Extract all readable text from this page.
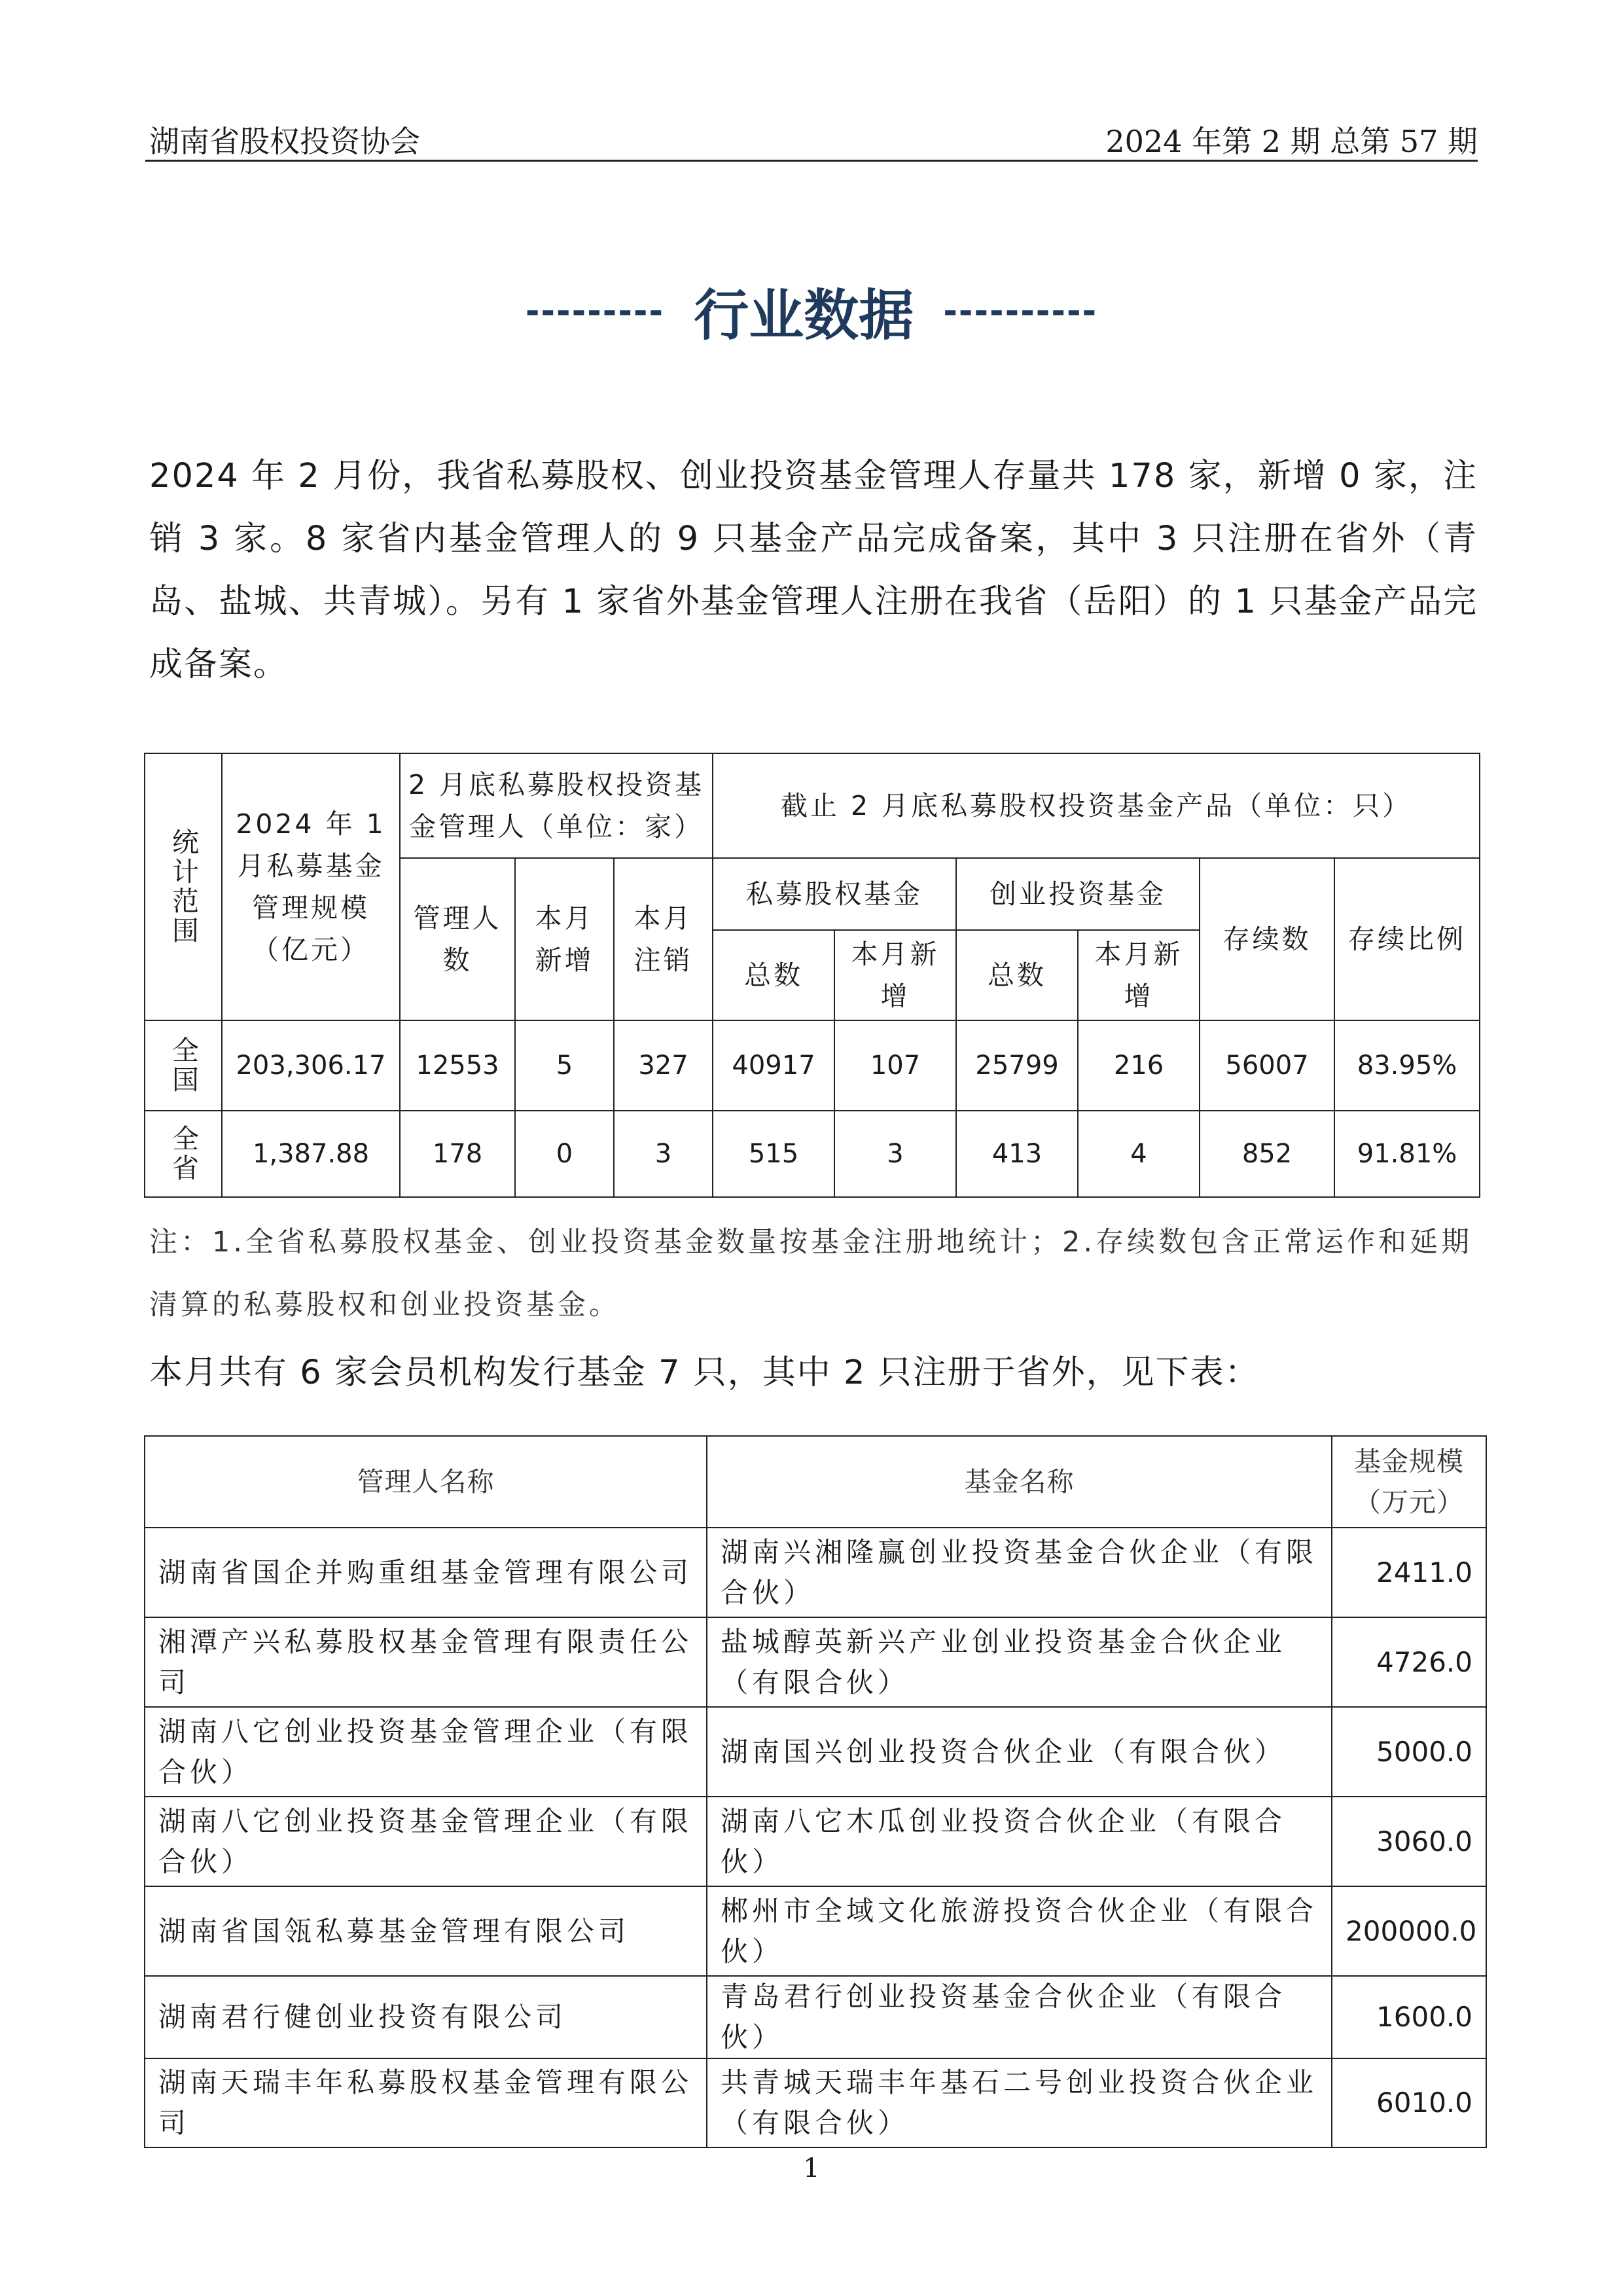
湖南省股权投资协会	2024 年第 2 期 总第 57 期
--------- 行业数据 ----------
2024 年 2 月份，我省私募股权、创业投资基金管理人存量共 178 家，新增 0 家，注销 3 家。8 家省内基金管理人的 9 只基金产品完成备案，其中 3 只注册在省外（青岛、盐城、共青城）。另有 1 家省外基金管理人注册在我省（岳阳）的 1 只基金产品完成备案。
统计范围	2024 年 1 月私募基金管理规模（亿元）	2 月底私募股权投资基金管理人（单位：家）			截止 2 月底私募股权投资基金产品（单位：只）					
		管理人数	本月新增	本月注销	私募股权基金		创业投资基金		存续数	存续比例
					总数	本月新增	总数	本月新增		
全国	203,306.17	12553	5	327	40917	107	25799	216	56007	83.95%
全省	1,387.88	178	0	3	515	3	413	4	852	91.81%
注：1.全省私募股权基金、创业投资基金数量按基金注册地统计；2.存续数包含正常运作和延期清算的私募股权和创业投资基金。
本月共有 6 家会员机构发行基金 7 只，其中 2 只注册于省外，见下表：
管理人名称	基金名称	基金规模（万元）
湖南省国企并购重组基金管理有限公司	湖南兴湘隆赢创业投资基金合伙企业（有限合伙）	2411.0
湘潭产兴私募股权基金管理有限责任公司	盐城醇英新兴产业创业投资基金合伙企业（有限合伙）	4726.0
湖南八它创业投资基金管理企业（有限合伙）	湖南国兴创业投资合伙企业（有限合伙）	5000.0
湖南八它创业投资基金管理企业（有限合伙）	湖南八它木瓜创业投资合伙企业（有限合伙）	3060.0
湖南省国瓴私募基金管理有限公司	郴州市全域文化旅游投资合伙企业（有限合伙）	200000.0
湖南君行健创业投资有限公司	青岛君行创业投资基金合伙企业（有限合伙）	1600.0
湖南天瑞丰年私募股权基金管理有限公司	共青城天瑞丰年基石二号创业投资合伙企业（有限合伙）	6010.0
1
